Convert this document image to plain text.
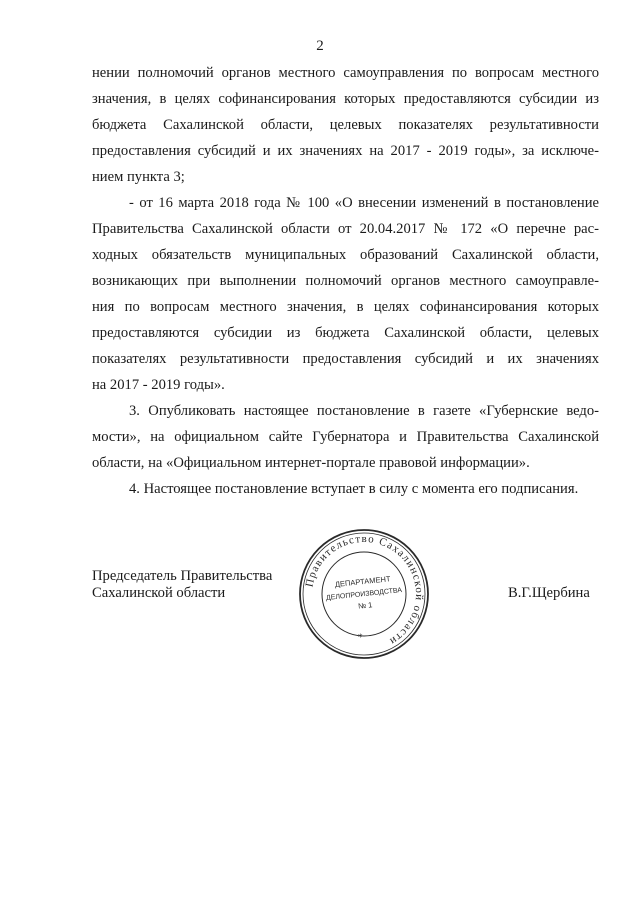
2
нении полномочий органов местного самоуправления по вопросам местного
значения, в целях софинансирования которых предоставляются субсидии из
бюджета Сахалинской области, целевых показателях результативности
предоставления субсидий и их значениях на 2017 - 2019 годы», за исключе-
нием пункта 3;
- от 16 марта 2018 года № 100 «О внесении изменений в постановление
Правительства Сахалинской области от 20.04.2017 № 172 «О перечне рас-
ходных обязательств муниципальных образований Сахалинской области,
возникающих при выполнении полномочий органов местного самоуправле-
ния по вопросам местного значения, в целях софинансирования которых
предоставляются субсидии из бюджета Сахалинской области, целевых
показателях результативности предоставления субсидий и их значениях
на 2017 - 2019 годы».
3. Опубликовать настоящее постановление в газете «Губернские ведо-
мости», на официальном сайте Губернатора и Правительства Сахалинской
области, на «Официальном интернет-портале правовой информации».
4. Настоящее постановление вступает в силу с момента его подписания.
Председатель Правительства
Сахалинской области
Правительство Сахалинской области
ДЕПАРТАМЕНТ
ДЕЛОПРОИЗВОДСТВА
№ 1
*
В.Г.Щербина
